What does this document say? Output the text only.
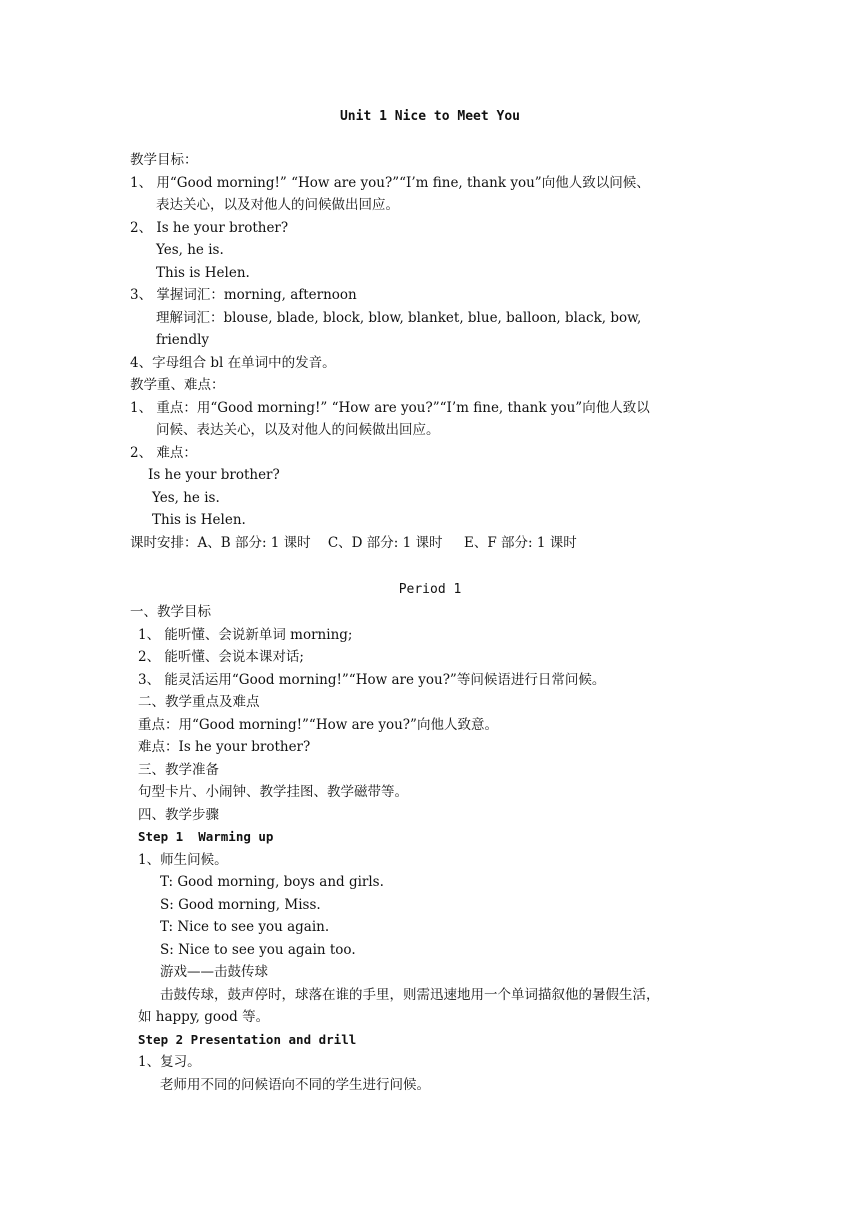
Unit 1 Nice to Meet You
教学目标：
1、 用“Good morning!” “How are you?”“I’m fine, thank you”向他人致以问候、
表达关心，以及对他人的问候做出回应。
2、 Is he your brother?
Yes, he is.
This is Helen.
3、 掌握词汇：morning, afternoon
理解词汇：blouse, blade, block, blow, blanket, blue, balloon, black, bow,
friendly
4、字母组合 bl 在单词中的发音。
教学重、难点：
1、 重点：用“Good morning!” “How are you?”“I’m fine, thank you”向他人致以
问候、表达关心，以及对他人的问候做出回应。
2、 难点：
Is he your brother?
Yes, he is.
This is Helen.
课时安排：A、B 部分: 1 课时    C、D 部分: 1 课时     E、F 部分: 1 课时
Period 1
一、教学目标
1、 能听懂、会说新单词 morning;
2、 能听懂、会说本课对话;
3、 能灵活运用“Good morning!”“How are you?”等问候语进行日常问候。
二、教学重点及难点
重点：用“Good morning!”“How are you?”向他人致意。
难点：Is he your brother?
三、教学准备
句型卡片、小闹钟、教学挂图、教学磁带等。
四、教学步骤
Step 1  Warming up
1、师生问候。
T: Good morning, boys and girls.
S: Good morning, Miss.
T: Nice to see you again.
S: Nice to see you again too.
游戏——击鼓传球
击鼓传球，鼓声停时，球落在谁的手里，则需迅速地用一个单词描叙他的暑假生活，
如 happy, good 等。
Step 2 Presentation and drill
1、复习。
老师用不同的问候语向不同的学生进行问候。
